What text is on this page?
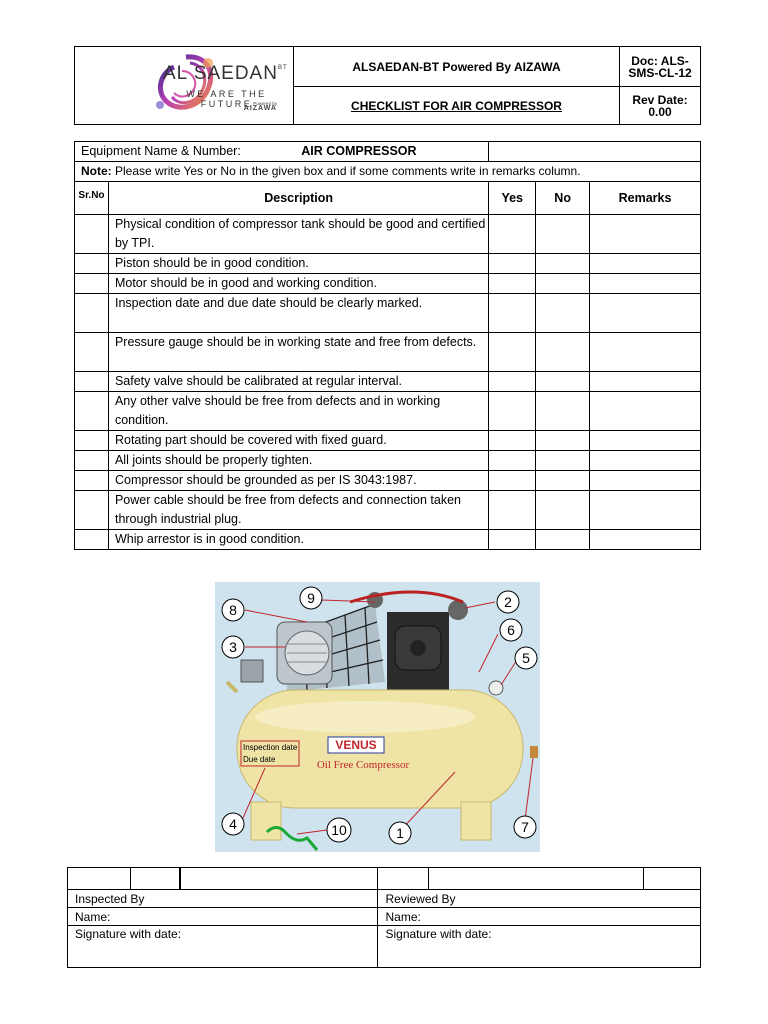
AL $SAEDAN^{BT}$
WE ARE THE FUTURE Powered by
AIZAWA	ALSAEDAN-BT Powered By AIZAWA	Doc: ALS-SMS-CL-12
	CHECKLIST FOR AIR COMPRESSOR	Rev Date: 0.00
Equipment Name & Number:		AIR COMPRESSOR		

Note: Please write Yes or No in the given box and if some comments write in remarks column.				
Sr.No	Description	Yes	No	Remarks
	Physical condition of compressor tank should be good and certified by TPI.			
	Piston should be in good condition.			
	Motor should be in good and working condition.			
	Inspection date and due date should be clearly marked.			
	Pressure gauge should be in working state and free from defects.			
	Safety valve should be calibrated at regular interval.			
	Any other valve should be free from defects and in working condition.			
	Rotating part should be covered with fixed guard.			
	All joints should be properly tighten.			
	Compressor should be grounded as per IS 3043:1987.			
	Power cable should be free from defects and connection taken through industrial plug.			
	Whip arrestor is in good condition.			
VENUS
Oil Free Compressor
Inspection date
Due date
8
9
3
2
6
5
4	10	1	7

Inspected By			Reviewed By		
Name:			Name:		
Signature with date:			Signature with date:		
